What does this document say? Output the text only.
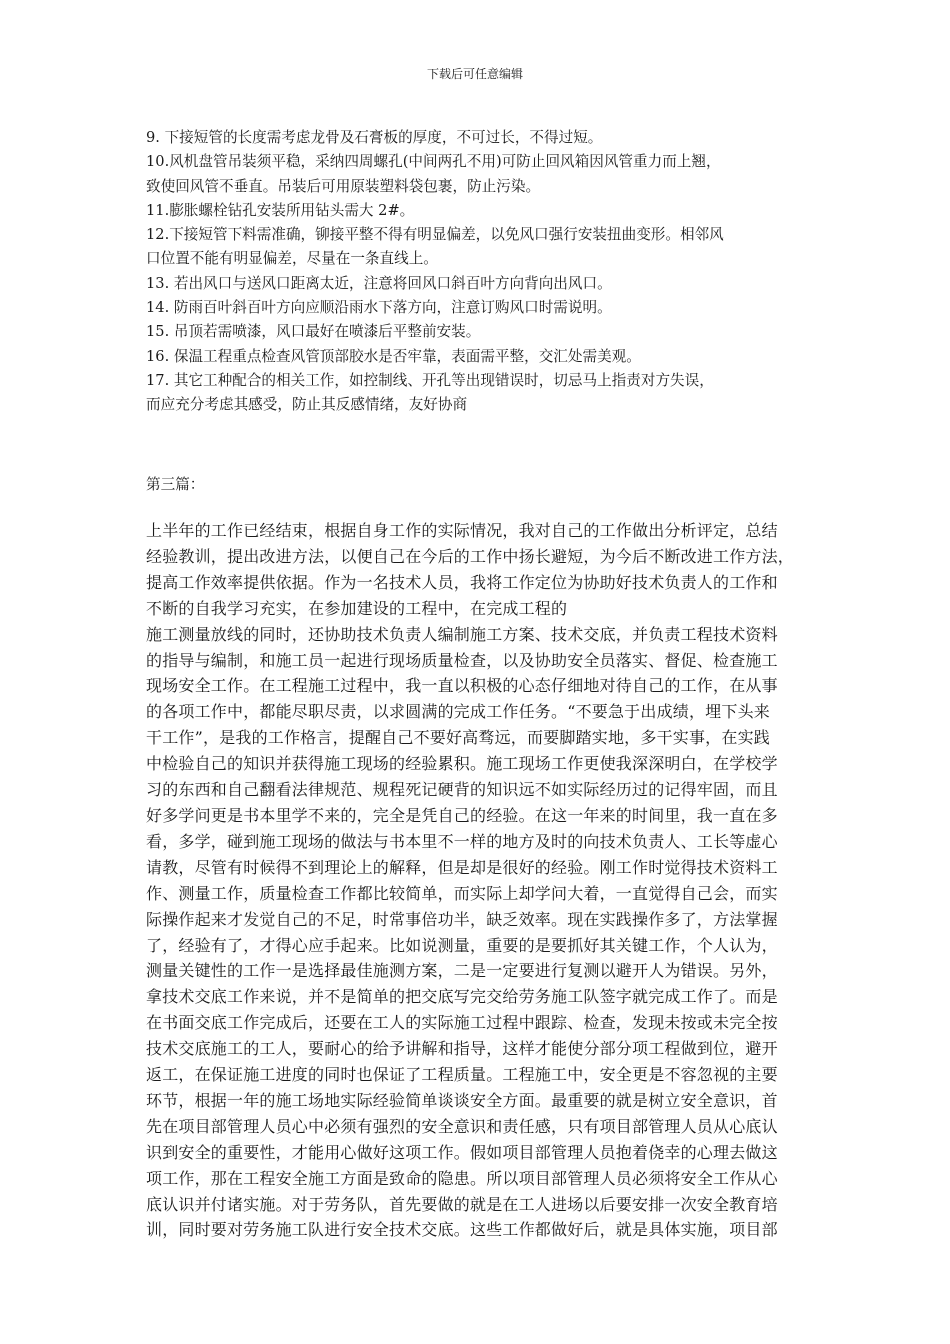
下载后可任意编辑

9. 下接短管的长度需考虑龙骨及石膏板的厚度，不可过长，不得过短。

10.风机盘管吊装须平稳，采纳四周螺孔(中间两孔不用)可防止回风箱因风管重力而上翘，

致使回风管不垂直。吊装后可用原装塑料袋包裹，防止污染。

11.膨胀螺栓钻孔安装所用钻头需大 2#。

12.下接短管下料需准确，铆接平整不得有明显偏差，以免风口强行安装扭曲变形。相邻风

口位置不能有明显偏差，尽量在一条直线上。

13. 若出风口与送风口距离太近，注意将回风口斜百叶方向背向出风口。

14. 防雨百叶斜百叶方向应顺沿雨水下落方向，注意订购风口时需说明。

15. 吊顶若需喷漆，风口最好在喷漆后平整前安装。

16. 保温工程重点检查风管顶部胶水是否牢靠，表面需平整，交汇处需美观。

17. 其它工种配合的相关工作，如控制线、开孔等出现错误时，切忌马上指责对方失误，

而应充分考虑其感受，防止其反感情绪，友好协商

第三篇：

上半年的工作已经结束，根据自身工作的实际情况，我对自己的工作做出分析评定，总结

经验教训，提出改进方法，以便自己在今后的工作中扬长避短，为今后不断改进工作方法，

提高工作效率提供依据。作为一名技术人员，我将工作定位为协助好技术负责人的工作和

不断的自我学习充实，在参加建设的工程中，在完成工程的

施工测量放线的同时，还协助技术负责人编制施工方案、技术交底，并负责工程技术资料

的指导与编制，和施工员一起进行现场质量检查，以及协助安全员落实、督促、检查施工

现场安全工作。在工程施工过程中，我一直以积极的心态仔细地对待自己的工作，在从事

的各项工作中，都能尽职尽责，以求圆满的完成工作任务。“不要急于出成绩，埋下头来

干工作”，是我的工作格言，提醒自己不要好高骛远，而要脚踏实地，多干实事，在实践

中检验自己的知识并获得施工现场的经验累积。施工现场工作更使我深深明白，在学校学

习的东西和自己翻看法律规范、规程死记硬背的知识远不如实际经历过的记得牢固，而且

好多学问更是书本里学不来的，完全是凭自己的经验。在这一年来的时间里，我一直在多

看，多学，碰到施工现场的做法与书本里不一样的地方及时的向技术负责人、工长等虚心

请教，尽管有时候得不到理论上的解释，但是却是很好的经验。刚工作时觉得技术资料工

作、测量工作，质量检查工作都比较简单，而实际上却学问大着，一直觉得自己会，而实

际操作起来才发觉自己的不足，时常事倍功半，缺乏效率。现在实践操作多了，方法掌握

了，经验有了，才得心应手起来。比如说测量，重要的是要抓好其关键工作，个人认为，

测量关键性的工作一是选择最佳施测方案，二是一定要进行复测以避开人为错误。另外，

拿技术交底工作来说，并不是简单的把交底写完交给劳务施工队签字就完成工作了。而是

在书面交底工作完成后，还要在工人的实际施工过程中跟踪、检查，发现未按或未完全按

技术交底施工的工人，要耐心的给予讲解和指导，这样才能使分部分项工程做到位，避开

返工，在保证施工进度的同时也保证了工程质量。工程施工中，安全更是不容忽视的主要

环节，根据一年的施工场地实际经验简单谈谈安全方面。最重要的就是树立安全意识，首

先在项目部管理人员心中必须有强烈的安全意识和责任感，只有项目部管理人员从心底认

识到安全的重要性，才能用心做好这项工作。假如项目部管理人员抱着侥幸的心理去做这

项工作，那在工程安全施工方面是致命的隐患。所以项目部管理人员必须将安全工作从心

底认识并付诸实施。对于劳务队，首先要做的就是在工人进场以后要安排一次安全教育培

训，同时要对劳务施工队进行安全技术交底。这些工作都做好后，就是具体实施，项目部
